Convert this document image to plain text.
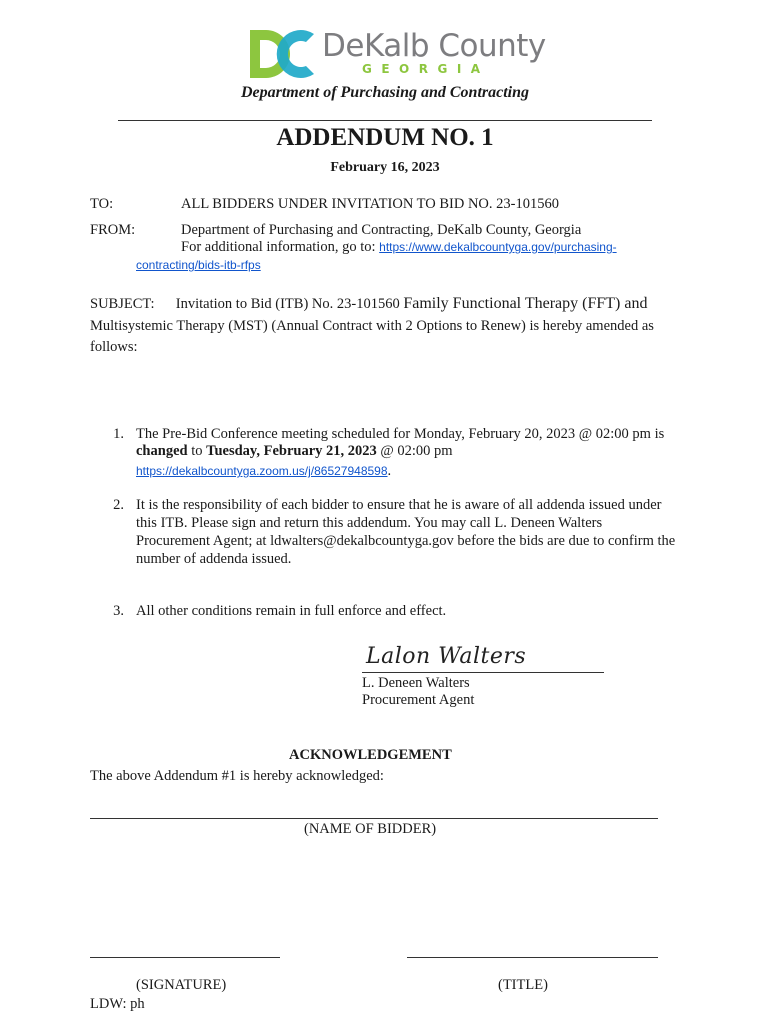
DeKalb County
GEORGIA
Department of Purchasing and Contracting
ADDENDUM NO. 1
February 16, 2023
TO:	ALL BIDDERS UNDER INVITATION TO BID NO. 23-101560
FROM:	Department of Purchasing and Contracting, DeKalb County, Georgia
For additional information, go to: https://www.dekalbcountyga.gov/purchasing-
contracting/bids-itb-rfps
SUBJECT: Invitation to Bid (ITB) No. 23-101560 Family Functional Therapy (FFT) and
Multisystemic Therapy (MST) (Annual Contract with 2 Options to Renew) is hereby amended as
follows:
1. The Pre-Bid Conference meeting scheduled for Monday, February 20, 2023 @ 02:00 pm is
changed to Tuesday, February 21, 2023 @ 02:00 pm
https://dekalbcountyga.zoom.us/j/86527948598.
2. It is the responsibility of each bidder to ensure that he is aware of all addenda issued under
this ITB. Please sign and return this addendum. You may call L. Deneen Walters
Procurement Agent; at ldwalters@dekalbcountyga.gov before the bids are due to confirm the
number of addenda issued.
3. All other conditions remain in full enforce and effect.
Lalon Walters
L. Deneen Walters
Procurement Agent
ACKNOWLEDGEMENT
The above Addendum #1 is hereby acknowledged:
(NAME OF BIDDER)
(SIGNATURE)	(TITLE)
LDW: ph
